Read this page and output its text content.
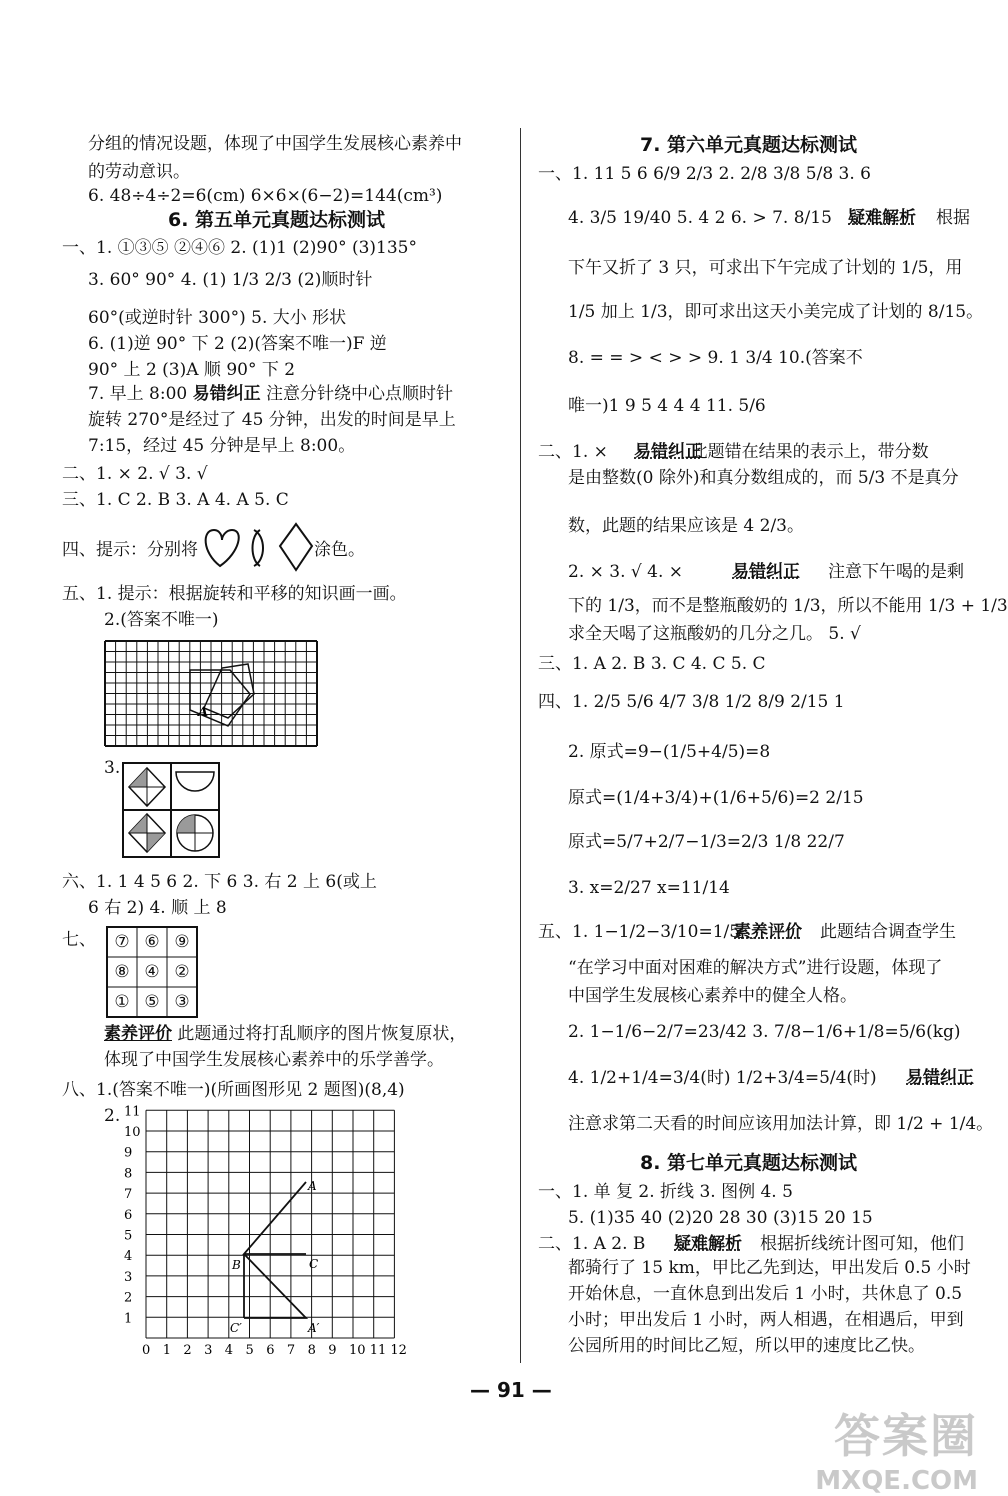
分组的情况设题，体现了中国学生发展核心素养中
的劳动意识。
6. 48÷4÷2=6(cm) 6×6×(6−2)=144(cm³)
一、1. ①③⑤ ②④⑥ 2. (1)1 (2)90° (3)135°
3. 60° 90° 4. (1) 1/3 2/3 (2)顺时针
60°(或逆时针 300°) 5. 大小 形状
6. (1)逆 90° 下 2 (2)(答案不唯一)F 逆
90° 上 2 (3)A 顺 90° 下 2
旋转 270°是经过了 45 分钟，出发的时间是早上
7:15，经过 45 分钟是早上 8:00。
二、1. × 2. √ 3. √
三、1. C 2. B 3. A 4. A 5. C
四、提示：分别将	涂色。
五、1. 提示：根据旋转和平移的知识画一画。
2.(答案不唯一)
3.
六、1. 1 4 5 6 2. 下 6 3. 右 2 上 6(或上
6 右 2) 4. 顺 上 8
七、
体现了中国学生发展核心素养中的乐学善学。
八、1.(答案不唯一)(所画图形见 2 题图)(8,4)
2.
一、1. 11 5 6 6/9 2/3 2. 2/8 3/8 5/8 3. 6
4. 3/5 19/40 5. 4 2 6. > 7. 8/15	根据
下午又折了 3 只，可求出下午完成了计划的 1/5，用
1/5 加上 1/3，即可求出这天小美完成了计划的 8/15。
8. = = > < > > 9. 1 3/4 10.(答案不
唯一)1 9 5 4 4 4 11. 5/6
是由整数(0 除外)和真分数组成的，而 5/3 不是真分
数，此题的结果应该是 4 2/3。
2. × 3. √ 4. ×	注意下午喝的是剩
下的 1/3，而不是整瓶酸奶的 1/3，所以不能用 1/3 + 1/3
求全天喝了这瓶酸奶的几分之几。 5. √
三、1. A 2. B 3. C 4. C 5. C
四、1. 2/5 5/6 4/7 3/8 1/2 8/9 2/15 1
2. 原式=9−(1/5+4/5)=8
原式=(1/4+3/4)+(1/6+5/6)=2 2/15
原式=5/7+2/7−1/3=2/3 1/8 22/7
3. x=2/27 x=11/14
五、1. 1−1/2−3/10=1/5	此题结合调查学生
“在学习中面对困难的解决方式”进行设题，体现了
中国学生发展核心素养中的健全人格。
2. 1−1/6−2/7=23/42 3. 7/8−1/6+1/8=5/6(kg)
4. 1/2+1/4=3/4(时) 1/2+3/4=5/4(时)
注意求第二天看的时间应该用加法计算，即 1/2 + 1/4。
一、1. 单 复 2. 折线 3. 图例 4. 5
5. (1)35 40 (2)20 28 30 (3)15 20 15
二、1. A 2. B	根据折线统计图可知，他们
都骑行了 15 km，甲比乙先到达，甲出发后 0.5 小时
开始休息，一直休息到出发后 1 小时，共休息了 0.5
小时；甲出发后 1 小时，两人相遇，在相遇后，甲到
公园所用的时间比乙短，所以甲的速度比乙快。
疑难解析
易错纠正
易错纠正
素养评价
易错纠正
疑难解析
6. 第五单元真题达标测试
7. 早上 8:00 易错纠正 注意分针绕中心点顺时针
素养评价 此题通过将打乱顺序的图片恢复原状，
A
⑦ ⑥ ⑨
⑧ ④ ②
① ⑤ ③
0 1 2 3 4 5 6 7 8 9 10 11 12
1
2
3
4
5
6
7
8
9
10
11
A
B	C
A′
C′
7. 第六单元真题达标测试
二、1. ×	此题错在结果的表示上，带分数
8. 第七单元真题达标测试
— 91 —
答案圈
MXQE.COM
